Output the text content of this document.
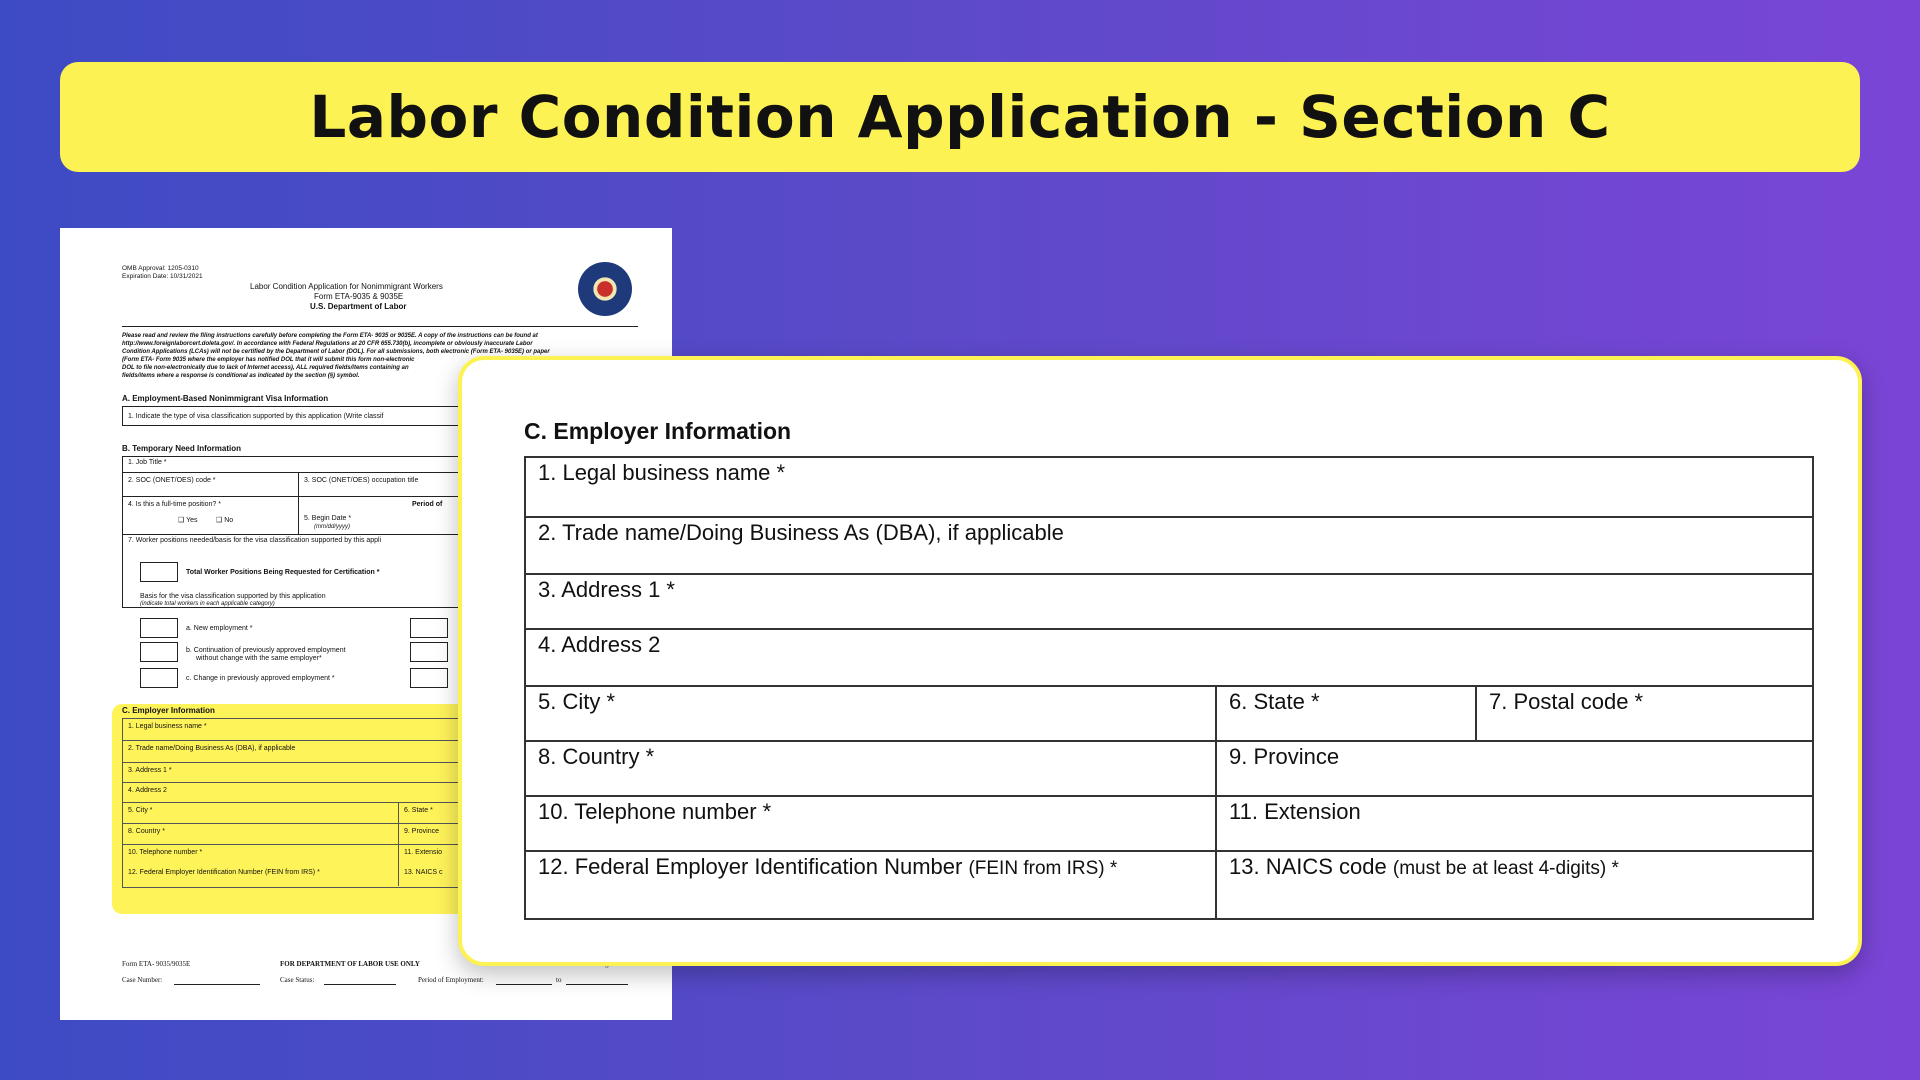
Labor Condition Application - Section C
OMB Approval: 1205-0310
Expiration Date: 10/31/2021
Labor Condition Application for Nonimmigrant Workers
Form ETA-9035 & 9035E
U.S. Department of Labor
Please read and review the filing instructions carefully before completing the Form ETA- 9035 or 9035E. A copy of the instructions can be found at
http://www.foreignlaborcert.doleta.gov/. In accordance with Federal Regulations at 20 CFR 655.730(b), incomplete or obviously inaccurate Labor
Condition Applications (LCAs) will not be certified by the Department of Labor (DOL). For all submissions, both electronic (Form ETA- 9035E) or paper
(Form ETA- Form 9035 where the employer has notified DOL that it will submit this form non-electronic
DOL to file non-electronically due to lack of Internet access), ALL required fields/items containing an
fields/items where a response is conditional as indicated by the section (§) symbol.
A. Employment-Based Nonimmigrant Visa Information
1. Indicate the type of visa classification supported by this application (Write classif
B. Temporary Need Information
1. Job Title *
2. SOC (ONET/OES) code *	3. SOC (ONET/OES) occupation title
4. Is this a full-time position? *	Period of
❑ Yes	❑ No	5. Begin Date *
(mm/dd/yyyy)
7. Worker positions needed/basis for the visa classification supported by this appli
Total Worker Positions Being Requested for Certification *
Basis for the visa classification supported by this application
(indicate total workers in each applicable category)
a. New employment *
b. Continuation of previously approved employment
without change with the same employer*
c. Change in previously approved employment *
C. Employer Information
1. Legal business name *
2. Trade name/Doing Business As (DBA), if applicable
3. Address 1 *
4. Address 2
5. City *	6. State *
8. Country *	9. Province
10. Telephone number *	11. Extensio
12. Federal Employer Identification Number (FEIN from IRS) *	13. NAICS c
Form ETA- 9035/9035E	FOR DEPARTMENT OF LABOR USE ONLY
Case Number:	Case Status:	Period of Employment:	to
C. Employer Information
1. Legal business name *
2. Trade name/Doing Business As (DBA), if applicable
3. Address 1 *
4. Address 2
5. City *	6. State *	7. Postal code *
8. Country *	9. Province
10. Telephone number *	11. Extension
12. Federal Employer Identification Number (FEIN from IRS) *	13. NAICS code (must be at least 4-digits) *
